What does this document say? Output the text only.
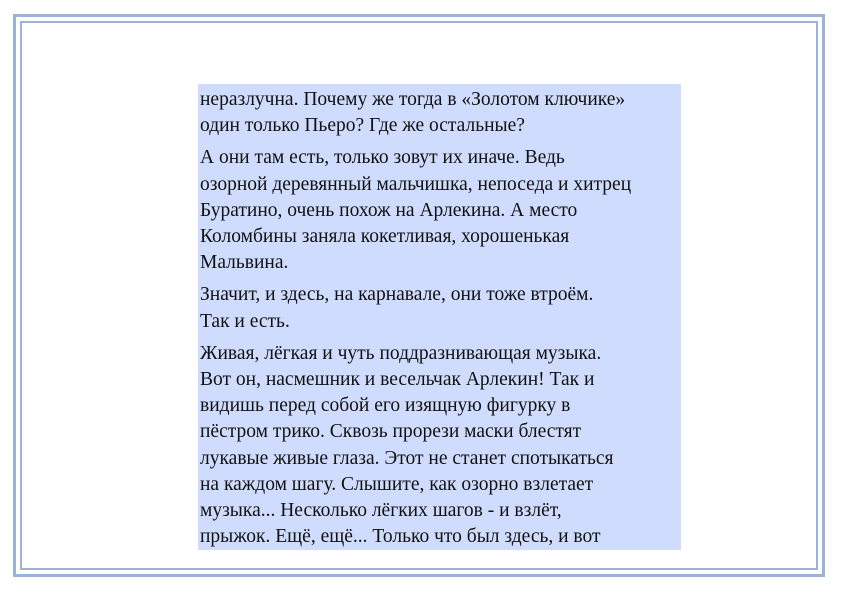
неразлучна. Почему же тогда в «Золотом ключике»
один только Пьеро? Где же остальные?
А они там есть, только зовут их иначе. Ведь
озорной деревянный мальчишка, непоседа и хитрец
Буратино, очень похож на Арлекина. А место
Коломбины заняла кокетливая, хорошенькая
Мальвина.
Значит, и здесь, на карнавале, они тоже втроём.
Так и есть.
Живая, лёгкая и чуть поддразнивающая музыка.
Вот он, насмешник и весельчак Арлекин! Так и
видишь перед собой его изящную фигурку в
пёстром трико. Сквозь прорези маски блестят
лукавые живые глаза. Этот не станет спотыкаться
на каждом шагу. Слышите, как озорно взлетает
музыка... Несколько лёгких шагов - и взлёт,
прыжок. Ещё, ещё... Только что был здесь, и вот
